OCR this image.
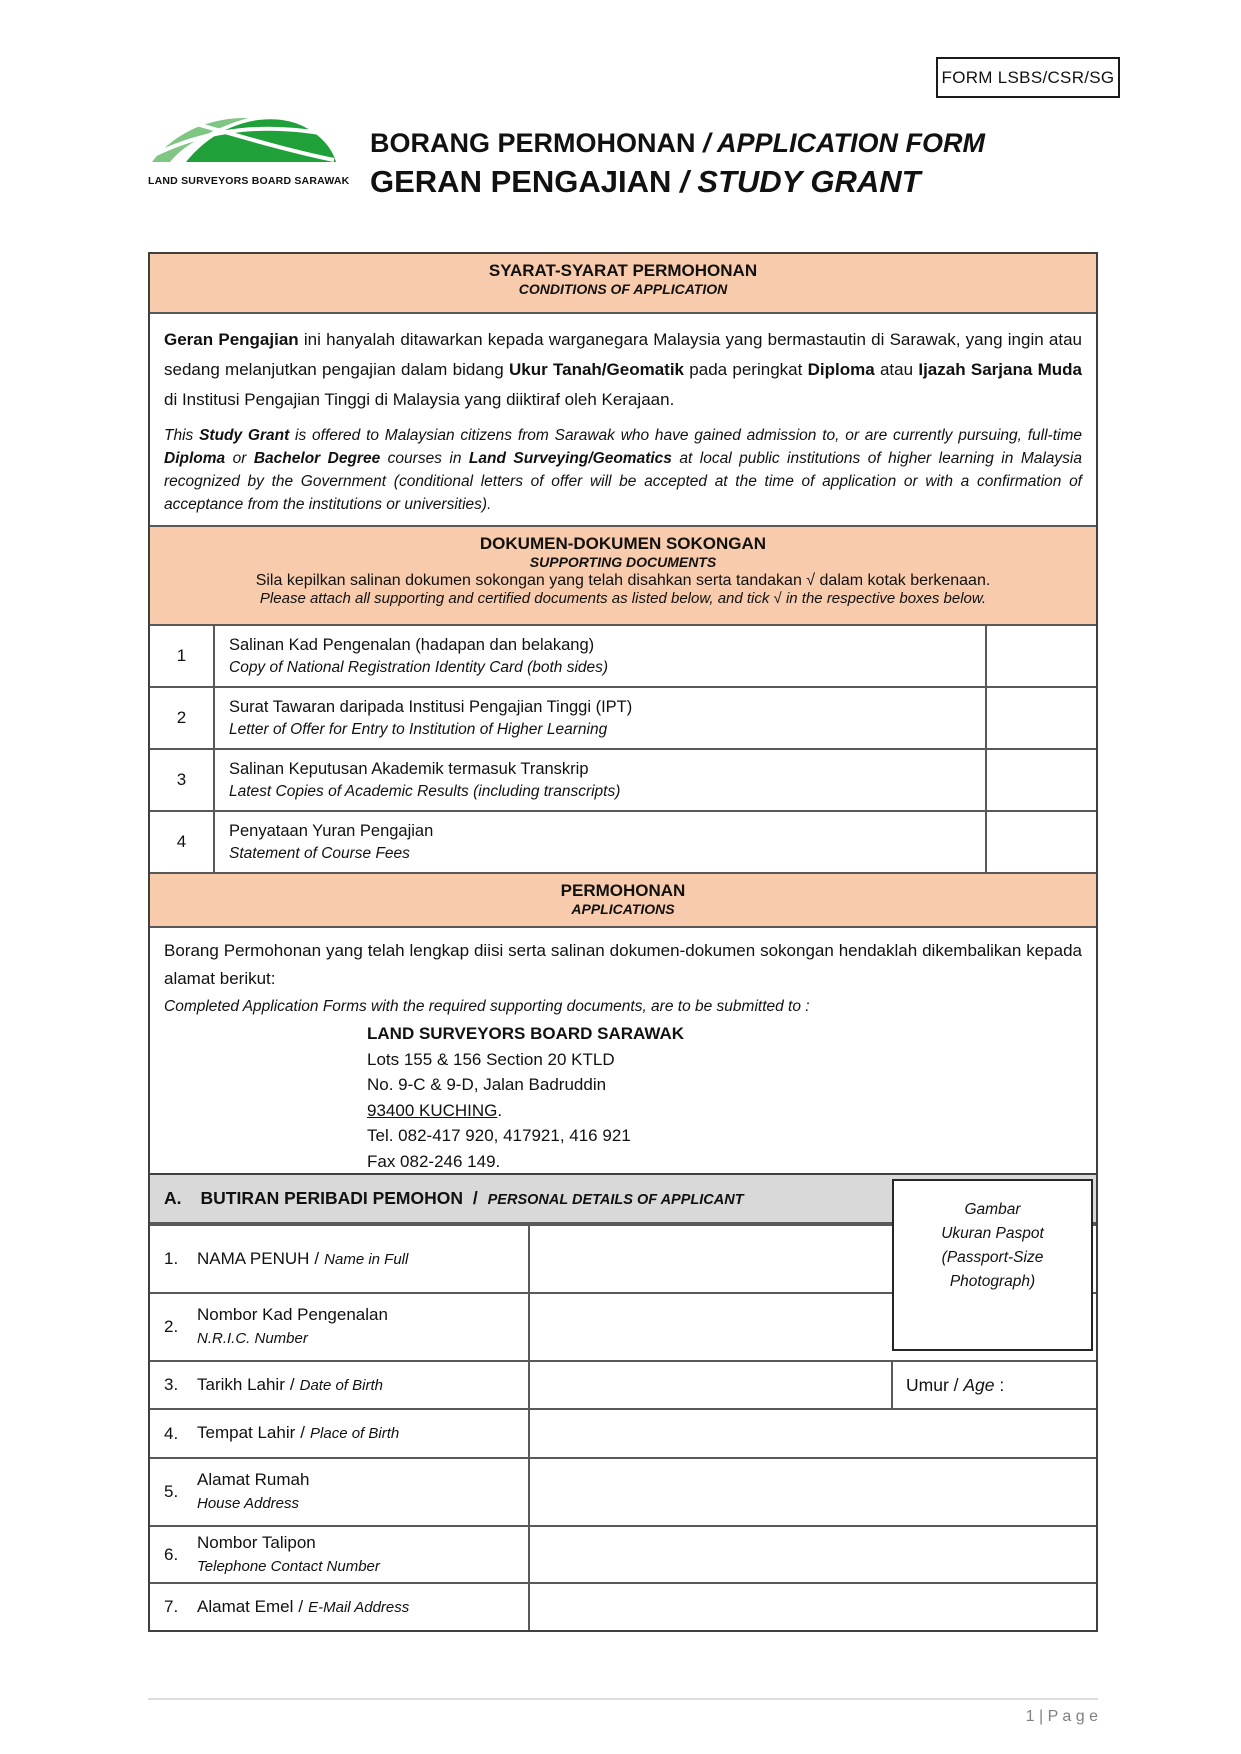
FORM LSBS/CSR/SG
LAND SURVEYORS BOARD SARAWAK
BORANG PERMOHONAN / APPLICATION FORM
GERAN PENGAJIAN / STUDY GRANT
SYARAT-SYARAT PERMOHONAN
CONDITIONS OF APPLICATION

Geran Pengajian ini hanyalah ditawarkan kepada warganegara Malaysia yang bermastautin di Sarawak, yang ingin atau sedang melanjutkan pengajian dalam bidang Ukur Tanah/Geomatik pada peringkat Diploma atau Ijazah Sarjana Muda di Institusi Pengajian Tinggi di Malaysia yang diiktiraf oleh Kerajaan.

This Study Grant is offered to Malaysian citizens from Sarawak who have gained admission to, or are currently pursuing, full-time Diploma or Bachelor Degree courses in Land Surveying/Geomatics at local public institutions of higher learning in Malaysia recognized by the Government (conditional letters of offer will be accepted at the time of application or with a confirmation of acceptance from the institutions or universities).

DOKUMEN-DOKUMEN SOKONGAN
SUPPORTING DOCUMENTS
Sila kepilkan salinan dokumen sokongan yang telah disahkan serta tandakan √ dalam kotak berkenaan.
Please attach all supporting and certified documents as listed below, and tick √ in the respective boxes below.
1
Salinan Kad Pengenalan (hadapan dan belakang)
Copy of National Registration Identity Card (both sides)
2
Surat Tawaran daripada Institusi Pengajian Tinggi (IPT)
Letter of Offer for Entry to Institution of Higher Learning
3
Salinan Keputusan Akademik termasuk Transkrip
Latest Copies of Academic Results (including transcripts)
4
Penyataan Yuran Pengajian
Statement of Course Fees
PERMOHONAN
APPLICATIONS

Borang Permohonan yang telah lengkap diisi serta salinan dokumen-dokumen sokongan hendaklah dikembalikan kepada alamat berikut:

Completed Application Forms with the required supporting documents, are to be submitted to :

LAND SURVEYORS BOARD SARAWAK
Lots 155 & 156 Section 20 KTLD
No. 9-C & 9-D, Jalan Badruddin
93400 KUCHING.
Tel. 082-417 920, 417921, 416 921
Fax 082-246 149.
A. BUTIRAN PERIBADI PEMOHON / PERSONAL DETAILS OF APPLICANT
1.	NAMA PENUH / Name in Full
2.
Nombor Kad Pengenalan
N.R.I.C. Number
3.	Tarikh Lahir / Date of Birth	Umur / Age :
4.	Tempat Lahir / Place of Birth
5.
Alamat Rumah
House Address
6.
Nombor Talipon
Telephone Contact Number
7.	Alamat Emel / E-Mail Address
Gambar
Ukuran Paspot
(Passport-Size
Photograph)
1 | P a g e
